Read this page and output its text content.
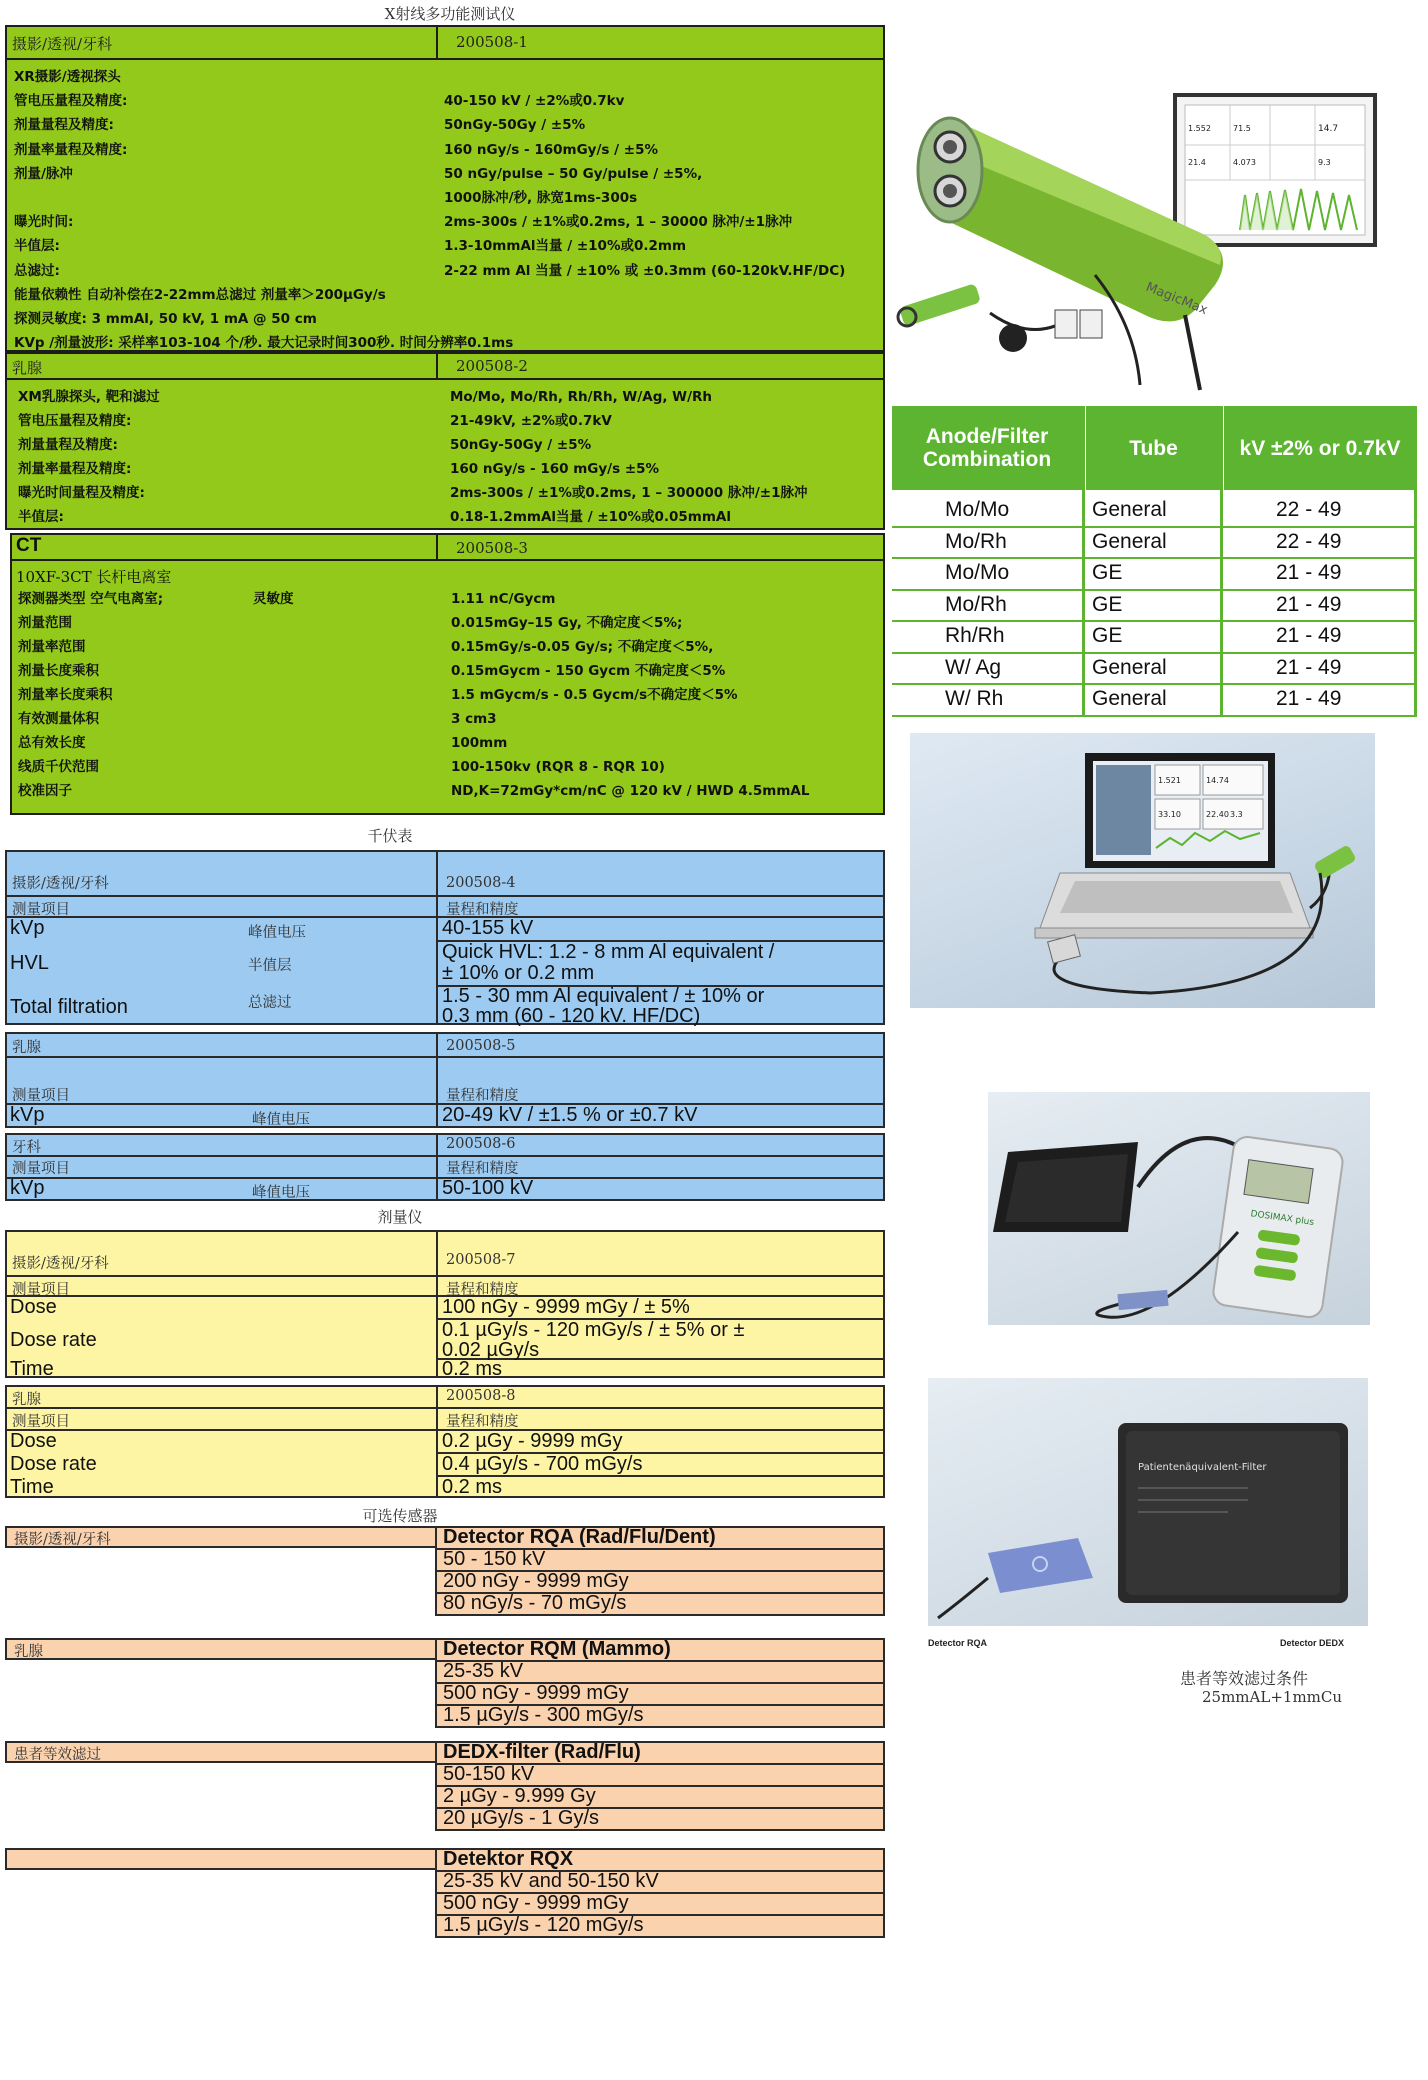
X射线多功能测试仪
摄影/透视/牙科	200508-1
XR摄影/透视探头
管电压量程及精度:	40-150 kV / ±2%或0.7kv
剂量量程及精度:	50nGy-50Gy / ±5%
剂量率量程及精度:	160 nGy/s - 160mGy/s / ±5%
剂量/脉冲	50 nGy/pulse – 50 Gy/pulse / ±5%,
1000脉冲/秒, 脉宽1ms-300s
曝光时间:	2ms-300s / ±1%或0.2ms, 1 – 30000 脉冲/±1脉冲
半值层:	1.3-10mmAl当量 / ±10%或0.2mm
总滤过:	2-22 mm Al 当量 / ±10% 或 ±0.3mm (60-120kV.HF/DC)
能量依赖性 自动补偿在2-22mm总滤过 剂量率＞200μGy/s
探测灵敏度: 3 mmAl, 50 kV, 1 mA @ 50 cm
KVp /剂量波形: 采样率103-104 个/秒. 最大记录时间300秒. 时间分辨率0.1ms
乳腺	200508-2
XM乳腺探头, 靶和滤过	Mo/Mo, Mo/Rh, Rh/Rh, W/Ag, W/Rh
管电压量程及精度:	21-49kV, ±2%或0.7kV
剂量量程及精度:	50nGy-50Gy / ±5%
剂量率量程及精度:	160 nGy/s - 160 mGy/s ±5%
曝光时间量程及精度:	2ms-300s / ±1%或0.2ms, 1 – 300000 脉冲/±1脉冲
半值层:	0.18-1.2mmAl当量 / ±10%或0.05mmAl
CT	200508-3
10XF-3CT 长杆电离室
探测器类型 空气电离室;	灵敏度	1.11 nC/Gycm
剂量范围	0.015mGy–15 Gy, 不确定度＜5%;
剂量率范围	0.15mGy/s-0.05 Gy/s; 不确定度＜5%,
剂量长度乘积	0.15mGycm - 150 Gycm 不确定度＜5%
剂量率长度乘积	1.5 mGycm/s - 0.5 Gycm/s不确定度＜5%
有效测量体积	3 cm3
总有效长度	100mm
线质千伏范围	100-150kv (RQR 8 - RQR 10)
校准因子	ND,K=72mGy*cm/nC @ 120 kV / HWD 4.5mmAL
1.552	71.5	14.7
21.4	4.073	9.3
MagicMax
Anode/Filter Combination	Tube	kV ±2% or 0.7kV
Mo/Mo	General	22 - 49
Mo/Rh	General	22 - 49
Mo/Mo	GE	21 - 49
Mo/Rh	GE	21 - 49
Rh/Rh	GE	21 - 49
W/ Ag	General	21 - 49
W/ Rh	General	21 - 49
1.521	14.74
33.10	22.40 3.3
DOSIMAX plus
Patientenäquivalent-Filter
Detector RQA	Detector DEDX
患者等效滤过条件
25mmAL+1mmCu
千伏表
摄影/透视/牙科	200508-4
测量项目	量程和精度
kVp	峰值电压	40-155 kV
HVL	半值层
Quick HVL: 1.2 - 8 mm Al equivalent /
± 10% or 0.2 mm
Total filtration	总滤过	1.5 - 30 mm Al equivalent / ± 10% or
0.3 mm (60 - 120 kV. HF/DC)
乳腺	200508-5
测量项目	量程和精度
kVp	峰值电压	20-49 kV / ±1.5 % or ±0.7 kV
牙科	200508-6
测量项目	量程和精度
kVp	峰值电压	50-100 kV
剂量仪
摄影/透视/牙科	200508-7
测量项目	量程和精度
Dose	100 nGy - 9999 mGy / ± 5%
Dose rate	0.1 µGy/s - 120 mGy/s / ± 5% or ±
0.02 µGy/s
Time	0.2 ms
乳腺	200508-8
测量项目	量程和精度
Dose	0.2 µGy - 9999 mGy
Dose rate	0.4 µGy/s - 700 mGy/s
Time	0.2 ms
可选传感器
摄影/透视/牙科	Detector RQA (Rad/Flu/Dent)
50 - 150 kV
200 nGy - 9999 mGy
80 nGy/s - 70 mGy/s
乳腺	Detector RQM (Mammo)
25-35 kV
500 nGy - 9999 mGy
1.5 µGy/s - 300 mGy/s
患者等效滤过	DEDX-filter (Rad/Flu)
50-150 kV
2 µGy - 9.999 Gy
20 µGy/s - 1 Gy/s
Detektor RQX
25-35 kV and 50-150 kV
500 nGy - 9999 mGy
1.5 µGy/s - 120 mGy/s
